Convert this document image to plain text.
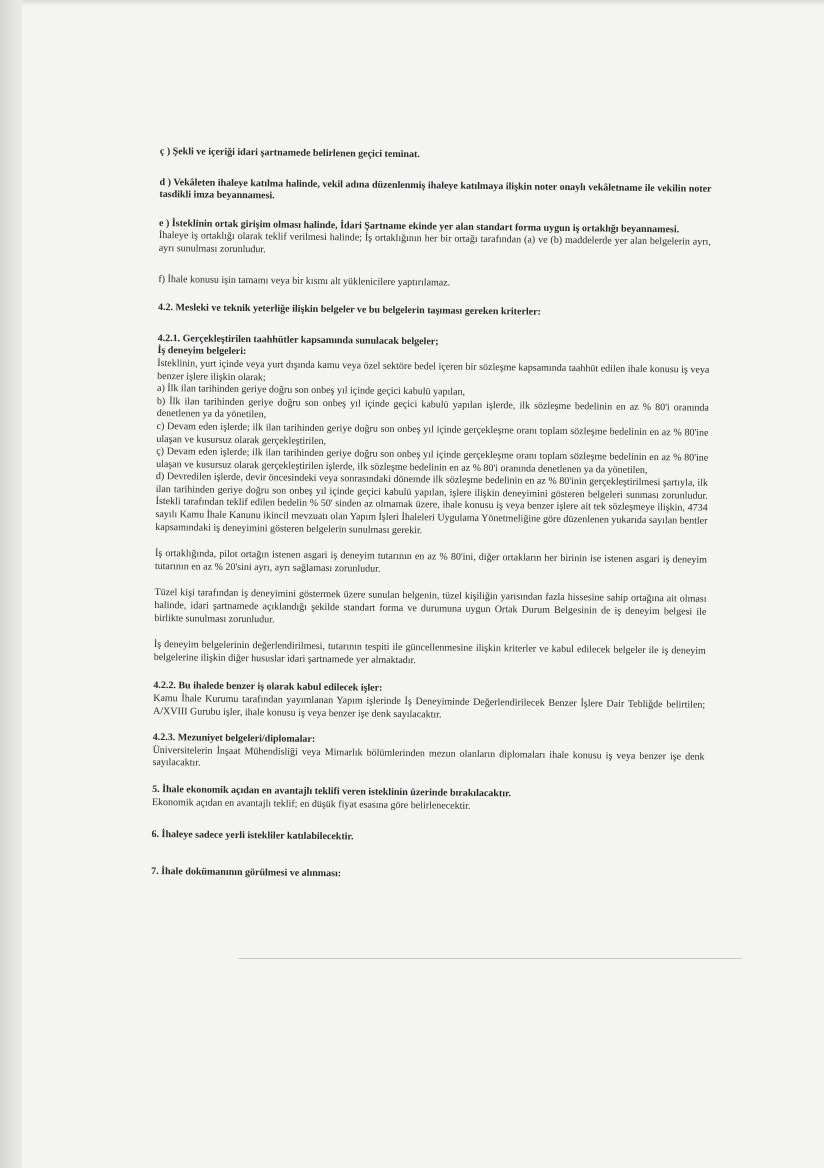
ç ) Şekli ve içeriği idari şartnamede belirlenen geçici teminat.

d ) Vekâleten ihaleye katılma halinde, vekil adına düzenlenmiş ihaleye katılmaya ilişkin noter onaylı vekâletname ile vekilin noter tasdikli imza beyannamesi.

e ) İsteklinin ortak girişim olması halinde, İdari Şartname ekinde yer alan standart forma uygun iş ortaklığı beyannamesi.

İhaleye iş ortaklığı olarak teklif verilmesi halinde; İş ortaklığının her bir ortağı tarafından (a) ve (b) maddelerde yer alan belgelerin ayrı, ayrı sunulması zorunludur.

f) İhale konusu işin tamamı veya bir kısmı alt yüklenicilere yaptırılamaz.

4.2. Mesleki ve teknik yeterliğe ilişkin belgeler ve bu belgelerin taşıması gereken kriterler:

4.2.1. Gerçekleştirilen taahhütler kapsamında sunulacak belgeler;

İş deneyim belgeleri:

İsteklinin, yurt içinde veya yurt dışında kamu veya özel sektöre bedel içeren bir sözleşme kapsamında taahhüt edilen ihale konusu iş veya benzer işlere ilişkin olarak;

a) İlk ilan tarihinden geriye doğru son onbeş yıl içinde geçici kabulü yapılan,

b) İlk ilan tarihinden geriye doğru son onbeş yıl içinde geçici kabulü yapılan işlerde, ilk sözleşme bedelinin en az % 80'i oranında denetlenen ya da yönetilen,

c) Devam eden işlerde; ilk ilan tarihinden geriye doğru son onbeş yıl içinde gerçekleşme oranı toplam sözleşme bedelinin en az % 80'ine ulaşan ve kusursuz olarak gerçekleştirilen,

ç) Devam eden işlerde; ilk ilan tarihinden geriye doğru son onbeş yıl içinde gerçekleşme oranı toplam sözleşme bedelinin en az % 80'ine ulaşan ve kusursuz olarak gerçekleştirilen işlerde, ilk sözleşme bedelinin en az % 80'i oranında denetlenen ya da yönetilen,

d) Devredilen işlerde, devir öncesindeki veya sonrasındaki dönemde ilk sözleşme bedelinin en az % 80'inin gerçekleştirilmesi şartıyla, ilk ilan tarihinden geriye doğru son onbeş yıl içinde geçici kabulü yapılan, işlere ilişkin deneyimini gösteren belgeleri sunması zorunludur. İstekli tarafından teklif edilen bedelin % 50' sinden az olmamak üzere, ihale konusu iş veya benzer işlere ait tek sözleşmeye ilişkin, 4734 sayılı Kamu İhale Kanunu ikincil mevzuatı olan Yapım İşleri İhaleleri Uygulama Yönetmeliğine göre düzenlenen yukarıda sayılan bentler kapsamındaki iş deneyimini gösteren belgelerin sunulması gerekir.

İş ortaklığında, pilot ortağın istenen asgari iş deneyim tutarının en az % 80'ini, diğer ortakların her birinin ise istenen asgari iş deneyim tutarının en az % 20'sini ayrı, ayrı sağlaması zorunludur.

Tüzel kişi tarafından iş deneyimini göstermek üzere sunulan belgenin, tüzel kişiliğin yarısından fazla hissesine sahip ortağına ait olması halinde, idari şartnamede açıklandığı şekilde standart forma ve durumuna uygun Ortak Durum Belgesinin de iş deneyim belgesi ile birlikte sunulması zorunludur.

İş deneyim belgelerinin değerlendirilmesi, tutarının tespiti ile güncellenmesine ilişkin kriterler ve kabul edilecek belgeler ile iş deneyim belgelerine ilişkin diğer hususlar idari şartnamede yer almaktadır.

4.2.2. Bu ihalede benzer iş olarak kabul edilecek işler:

Kamu İhale Kurumu tarafından yayımlanan Yapım işlerinde İş Deneyiminde Değerlendirilecek Benzer İşlere Dair Tebliğde belirtilen; A/XVIII Gurubu işler, ihale konusu iş veya benzer işe denk sayılacaktır.

4.2.3. Mezuniyet belgeleri/diplomalar:

Üniversitelerin İnşaat Mühendisliği veya Mimarlık bölümlerinden mezun olanların diplomaları ihale konusu iş veya benzer işe denk sayılacaktır.

5. İhale ekonomik açıdan en avantajlı teklifi veren isteklinin üzerinde bırakılacaktır.

Ekonomik açıdan en avantajlı teklif; en düşük fiyat esasına göre belirlenecektir.

6. İhaleye sadece yerli istekliler katılabilecektir.

7. İhale dokümanının görülmesi ve alınması:
